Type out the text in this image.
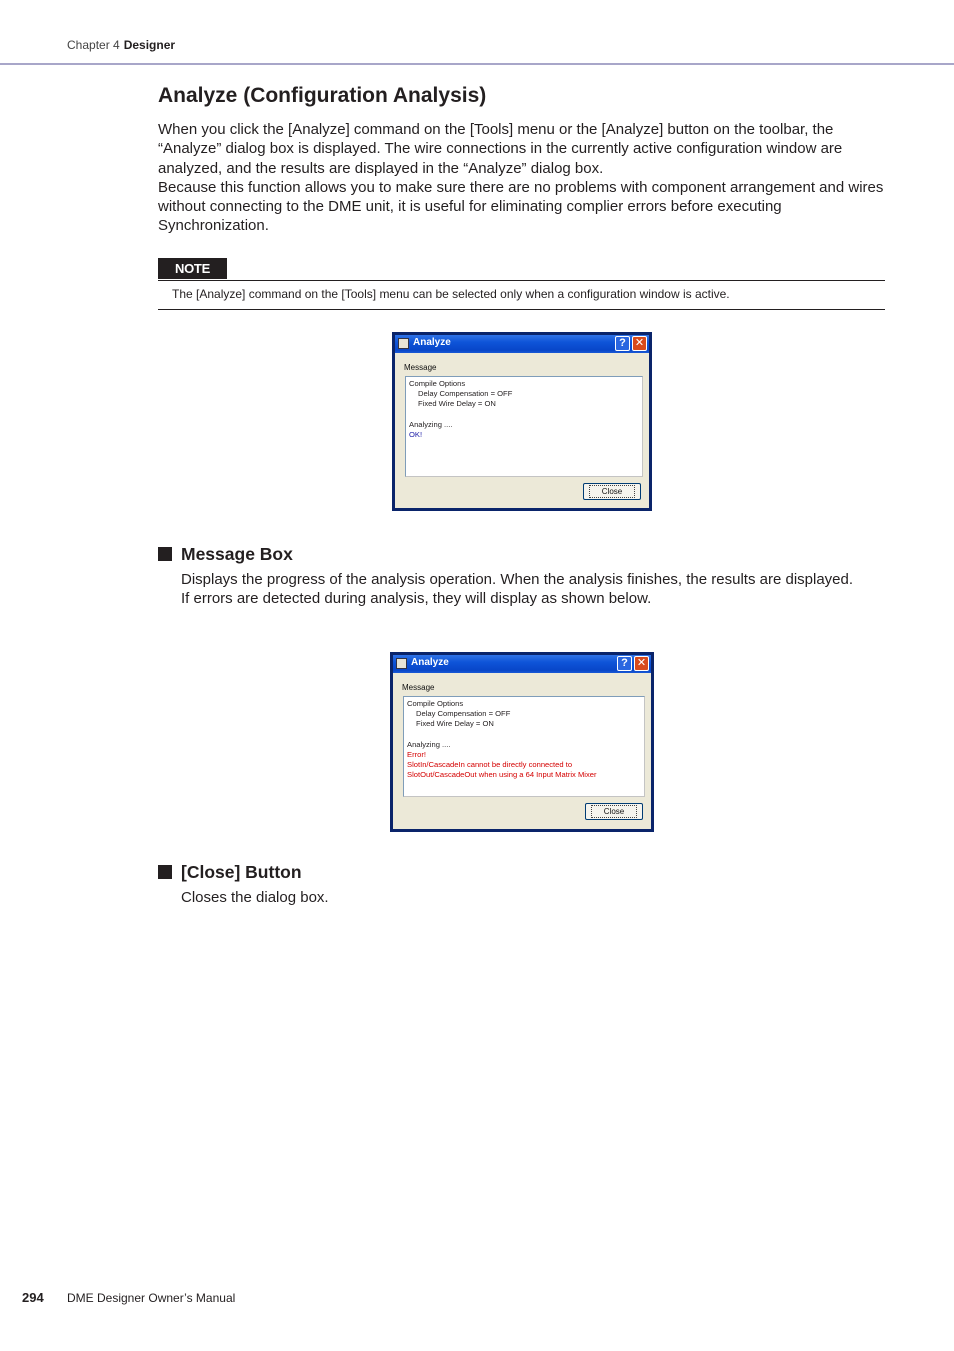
Chapter 4 Designer
Analyze (Configuration Analysis)

When you click the [Analyze] command on the [Tools] menu or the [Analyze] button on the toolbar, the “Analyze” dialog box is displayed. The wire connections in the currently active configuration window are analyzed, and the results are displayed in the “Analyze” dialog box.

Because this function allows you to make sure there are no problems with component arrangement and wires without connecting to the DME unit, it is useful for eliminating complier errors before executing Synchronization.

NOTE
The [Analyze] command on the [Tools] menu can be selected only when a configuration window is active.
Analyze	? ✕
Message
Compile Options
Delay Compensation = OFF
Fixed Wire Delay = ON
Analyzing ....
OK!
Close
Message Box

Displays the progress of the analysis operation. When the analysis finishes, the results are displayed.

If errors are detected during analysis, they will display as shown below.

Analyze	? ✕
Message
Compile Options
Delay Compensation = OFF
Fixed Wire Delay = ON
Analyzing ....
Error!
SlotIn/CascadeIn cannot be directly connected to
SlotOut/CascadeOut when using a 64 Input Matrix Mixer
Close
[Close] Button

Closes the dialog box.

294 DME Designer Owner’s Manual
